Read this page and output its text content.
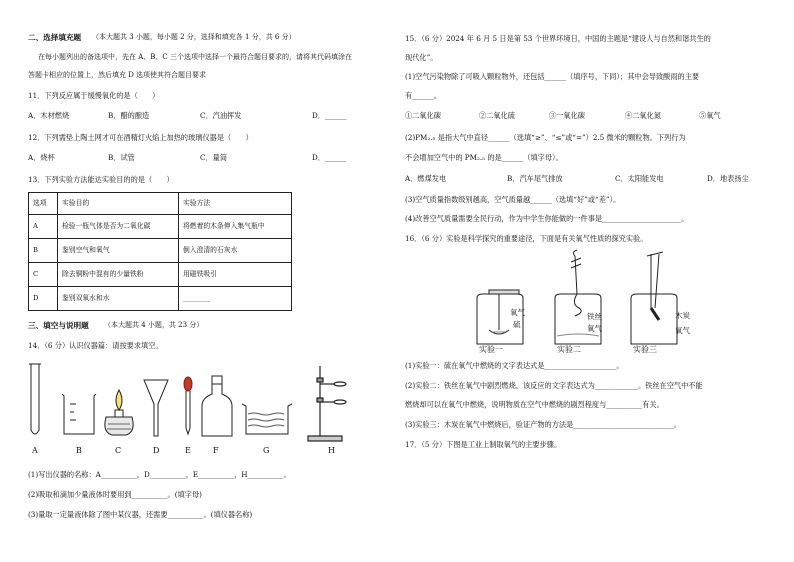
二、选择填充题 （本大题共 3 小题，每小题 2 分，选择和填充各 1 分，共 6 分）
在每小题列出的备选项中，先在 A、B、C 三个选项中选择一个最符合题目要求的，请将其代码填涂在
答题卡相应的位置上，然后填充 D 选项使其符合题目要求
11．下列反应属于缓慢氧化的是（　　）
A．木材燃烧	B．醋的酿造	C．汽油挥发	D．______
12．下列需垫上陶土网才可在酒精灯火焰上加热的玻璃仪器是（　　）
A．烧杯	B．试管	C．量筒	D．______
13．下列实验方法能达实验目的的是（　　）
选项	实验目的	实验方法
A	检验一瓶气体是否为二氧化碳	将燃着的木条伸入集气瓶中
B	鉴别空气和氧气	倒入澄清的石灰水
C	除去铜粉中混有的少量铁粉	用磁铁吸引
D	鉴别双氧水和水	________
三、填空与说明题 （本大题共 4 小题，共 23 分）
14．（6 分）认识仪器篇：请按要求填空。
A	B	C	D	E	F	G	H
(1)写出仪器的名称：A__________，D__________，E__________，H__________。
(2)吸取和滴加少量液体时要用到__________。(填字母)
(3)量取一定量液体除了图中某仪器，还需要__________。(填仪器名称)
15．（6 分）2024 年 6 月 5 日是第 53 个世界环境日，中国的主题是“建设人与自然和谐共生的
现代化”。
(1)空气污染物除了可吸入颗粒物外，还包括______（填序号，下同）；其中会导致酸雨的主要
有______。
①二氧化碳	②二氧化硫	③一氧化碳	④二氧化氮	⑤氧气
(2)PM₂.₅ 是指大气中直径______（选填“≥”、“≤”或“=”）2.5 微米的颗粒物。下列行为
不会增加空气中的 PM₂.₅ 的是______（填字母）。
A．燃煤发电	B．汽车尾气排放	C．太阳能发电	D．地表扬尘
(3)空气质量指数级别越高，空气质量越______（选填“好”或“差”）。
(4)改善空气质量需要全民行动，作为中学生你能做的一件事是______________________。
16．（6 分）实验是科学探究的重要途径，下面是有关氧气性质的探究实验。
氧气
硫
铁丝
氧气
木炭
氧气
实验一	实验二	实验三
(1)实验一：硫在氧气中燃烧的文字表达式是____________________。
(2)实验二：铁丝在氧气中剧烈燃烧，该反应的文字表达式为____________。铁丝在空气中不能
燃烧却可以在氧气中燃烧，说明物质在空气中燃烧的剧烈程度与__________有关。
(3)实验三：木炭在氧气中燃烧后，验证产物的方法是____________________________。
17．（5 分）下图是工业上制取氧气的主要步骤。
